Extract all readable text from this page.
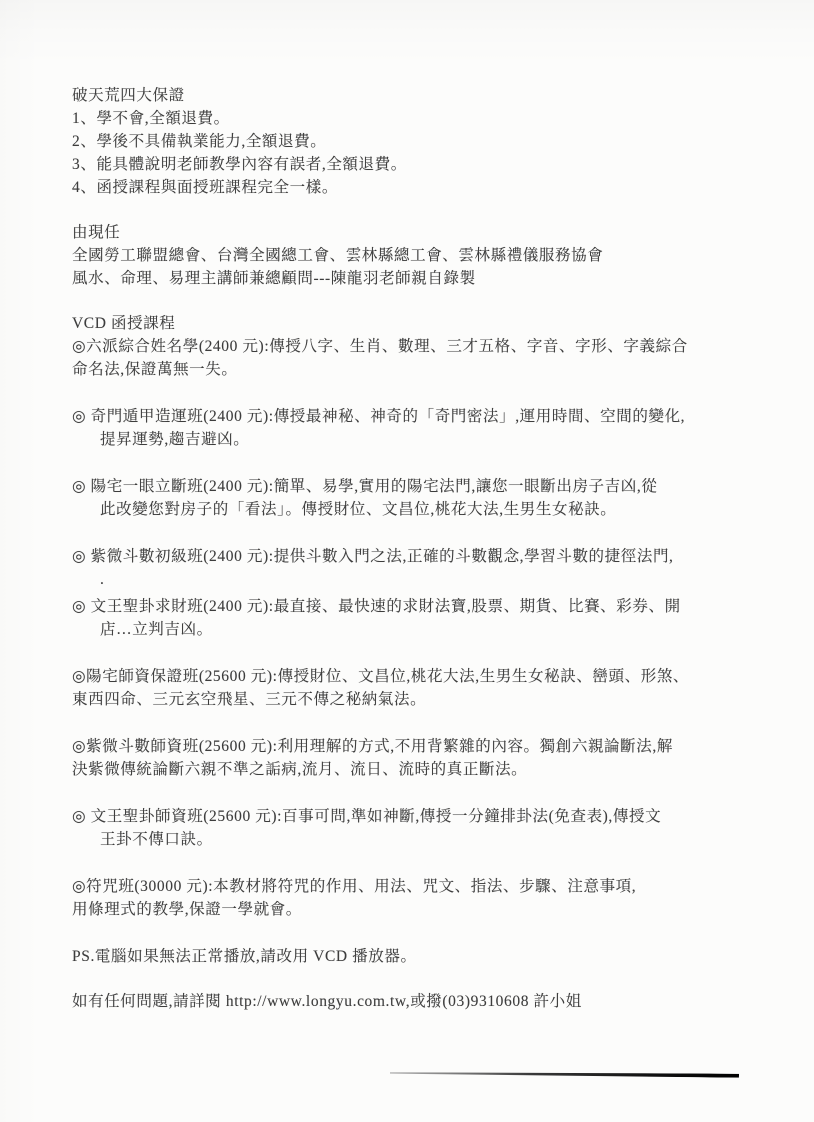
破天荒四大保證
1、學不會,全額退費。
2、學後不具備執業能力,全額退費。
3、能具體說明老師教學內容有誤者,全額退費。
4、函授課程與面授班課程完全一樣。
由現任
全國勞工聯盟總會、台灣全國總工會、雲林縣總工會、雲林縣禮儀服務協會
風水、命理、易理主講師兼總顧問---陳龍羽老師親自錄製
VCD 函授課程
◎六派綜合姓名學(2400 元):傳授八字、生肖、數理、三才五格、字音、字形、字義綜合
命名法,保證萬無一失。
◎ 奇門遁甲造運班(2400 元):傳授最神秘、神奇的「奇門密法」,運用時間、空間的變化,
提昇運勢,趨吉避凶。
◎ 陽宅一眼立斷班(2400 元):簡單、易學,實用的陽宅法門,讓您一眼斷出房子吉凶,從
此改變您對房子的「看法」。傳授財位、文昌位,桃花大法,生男生女秘訣。
◎ 紫微斗數初級班(2400 元):提供斗數入門之法,正確的斗數觀念,學習斗數的捷徑法門,
.
◎ 文王聖卦求財班(2400 元):最直接、最快速的求財法寶,股票、期貨、比賽、彩券、開
店…立判吉凶。
◎陽宅師資保證班(25600 元):傳授財位、文昌位,桃花大法,生男生女秘訣、巒頭、形煞、
東西四命、三元玄空飛星、三元不傳之秘納氣法。
◎紫微斗數師資班(25600 元):利用理解的方式,不用背繁雜的內容。獨創六親論斷法,解
決紫微傳統論斷六親不準之詬病,流月、流日、流時的真正斷法。
◎ 文王聖卦師資班(25600 元):百事可問,準如神斷,傳授一分鐘排卦法(免查表),傳授文
王卦不傳口訣。
◎符咒班(30000 元):本教材將符咒的作用、用法、咒文、指法、步驟、注意事項,
用條理式的教學,保證一學就會。
PS.電腦如果無法正常播放,請改用 VCD 播放器。
如有任何問題,請詳閱 http://www.longyu.com.tw,或撥(03)9310608 許小姐
